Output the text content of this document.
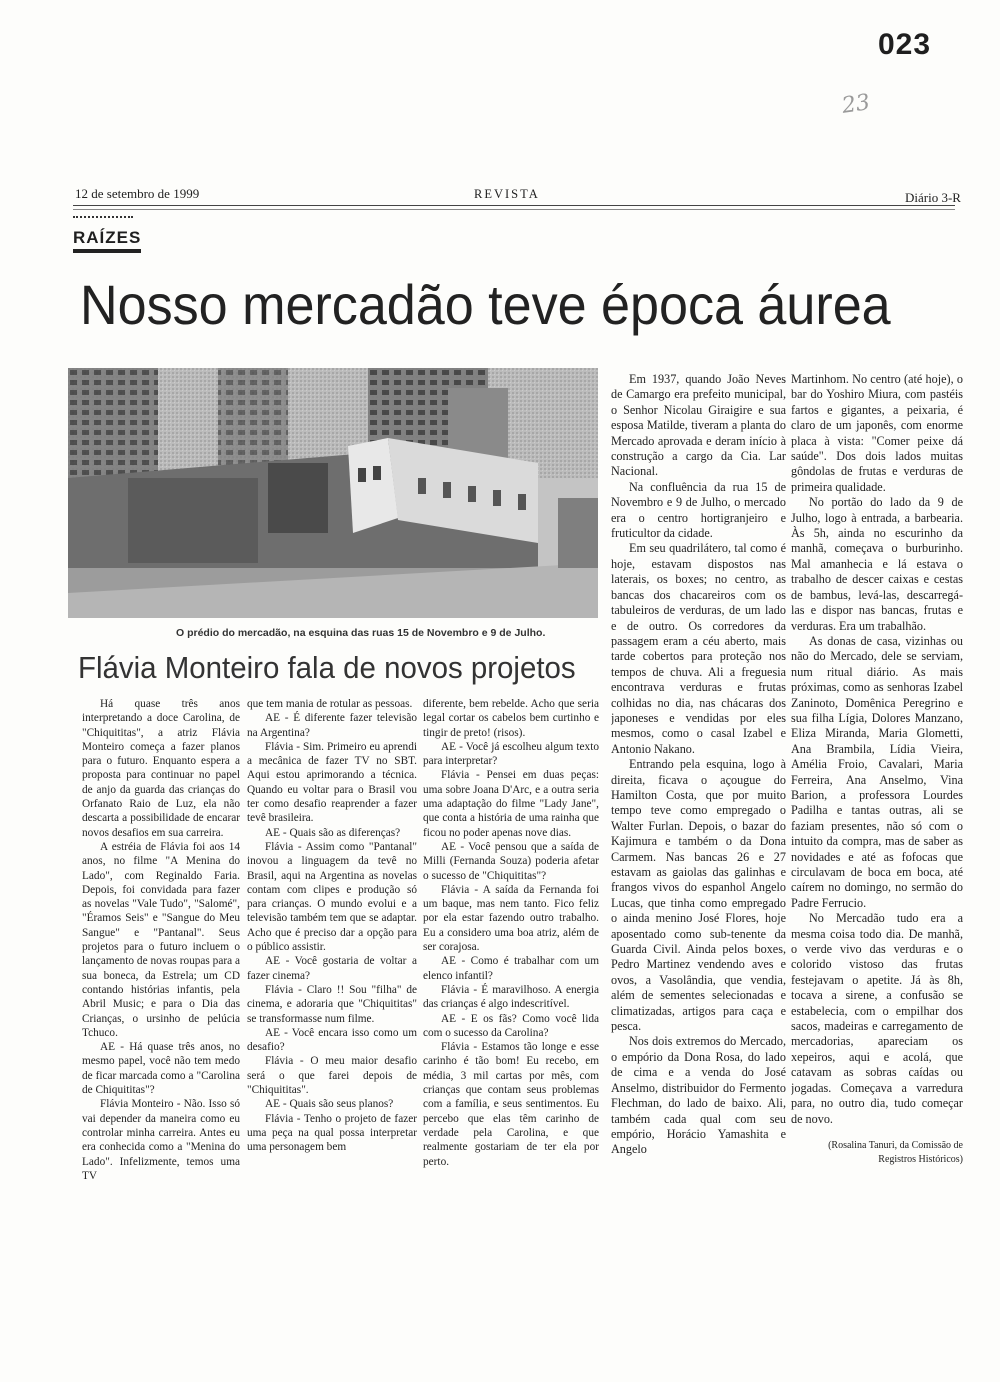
023
23
12 de setembro de 1999	REVISTA	Diário 3-R
RAÍZES
Nosso mercadão teve época áurea
O prédio do mercadão, na esquina das ruas 15 de Novembro e 9 de Julho.
Flávia Monteiro fala de novos projetos

Há quase três anos interpretando a doce Carolina, de "Chiquititas", a atriz Flávia Monteiro começa a fazer planos para o futuro. Enquanto espera a proposta para continuar no papel de anjo da guarda das crianças do Orfanato Raio de Luz, ela não descarta a possibilidade de encarar novos desafios em sua carreira.

A estréia de Flávia foi aos 14 anos, no filme "A Menina do Lado", com Reginaldo Faria. Depois, foi convidada para fazer as novelas "Vale Tudo", "Salomé", "Éramos Seis" e "Sangue do Meu Sangue" e "Pantanal". Seus projetos para o futuro incluem o lançamento de novas roupas para a sua boneca, da Estrela; um CD contando histórias infantis, pela Abril Music; e para o Dia das Crianças, o ursinho de pelúcia Tchuco.

AE - Há quase três anos, no mesmo papel, você não tem medo de ficar marcada como a "Carolina de Chiquititas"?

Flávia Monteiro - Não. Isso só vai depender da maneira como eu controlar minha carreira. Antes eu era conhecida como a "Menina do Lado". Infelizmente, temos uma TV

que tem mania de rotular as pessoas.

AE - É diferente fazer televisão na Argentina?

Flávia - Sim. Primeiro eu aprendi a mecânica de fazer TV no SBT. Aqui estou aprimorando a técnica. Quando eu voltar para o Brasil vou ter como desafio reaprender a fazer tevê brasileira.

AE - Quais são as diferenças?

Flávia - Assim como "Pantanal" inovou a linguagem da tevê no Brasil, aqui na Argentina as novelas contam com clipes e produção só para crianças. O mundo evolui e a televisão também tem que se adaptar. Acho que é preciso dar a opção para o público assistir.

AE - Você gostaria de voltar a fazer cinema?

Flávia - Claro !! Sou "filha" de cinema, e adoraria que "Chiquititas" se transformasse num filme.

AE - Você encara isso como um desafio?

Flávia - O meu maior desafio será o que farei depois de "Chiquititas".

AE - Quais são seus planos?

Flávia - Tenho o projeto de fazer uma peça na qual possa interpretar uma personagem bem

diferente, bem rebelde. Acho que seria legal cortar os cabelos bem curtinho e tingir de preto! (risos).

AE - Você já escolheu algum texto para interpretar?

Flávia - Pensei em duas peças: uma sobre Joana D'Arc, e a outra seria uma adaptação do filme "Lady Jane", que conta a história de uma rainha que ficou no poder apenas nove dias.

AE - Você pensou que a saída de Milli (Fernanda Souza) poderia afetar o sucesso de "Chiquititas"?

Flávia - A saída da Fernanda foi um baque, mas nem tanto. Fico feliz por ela estar fazendo outro trabalho. Eu a considero uma boa atriz, além de ser corajosa.

AE - Como é trabalhar com um elenco infantil?

Flávia - É maravilhoso. A energia das crianças é algo indescritível.

AE - E os fãs? Como você lida com o sucesso da Carolina?

Flávia - Estamos tão longe e esse carinho é tão bom! Eu recebo, em média, 3 mil cartas por mês, com crianças que contam seus problemas com a família, e seus sentimentos. Eu percebo que elas têm carinho de verdade pela Carolina, e que realmente gostariam de ter ela por perto.

Em 1937, quando João Neves de Camargo era prefeito municipal, o Senhor Nicolau Giraigire e sua esposa Matilde, tiveram a planta do Mercado aprovada e deram início à construção a cargo da Cia. Lar Nacional.

Na confluência da rua 15 de Novembro e 9 de Julho, o mercado era o centro hortigranjeiro e fruticultor da cidade.

Em seu quadrilátero, tal como é hoje, estavam dispostos nas laterais, os boxes; no centro, as bancas dos chacareiros com os tabuleiros de verduras, de um lado e de outro. Os corredores da passagem eram a céu aberto, mais tarde cobertos para proteção nos tempos de chuva. Ali a freguesia encontrava verduras e frutas colhidas no dia, nas chácaras dos japoneses e vendidas por eles mesmos, como o casal Izabel e Antonio Nakano.

Entrando pela esquina, logo à direita, ficava o açougue do Hamilton Costa, que por muito tempo teve como empregado o Walter Furlan. Depois, o bazar do Kajimura e também o da Dona Carmem. Nas bancas 26 e 27 estavam as gaiolas das galinhas e frangos vivos do espanhol Angelo Lucas, que tinha como empregado o ainda menino José Flores, hoje aposentado como sub-tenente da Guarda Civil. Ainda pelos boxes, Pedro Martinez vendendo aves e ovos, a Vasolândia, que vendia, além de sementes selecionadas e climatizadas, artigos para caça e pesca.

Nos dois extremos do Mercado, o empório da Dona Rosa, do lado de cima e a venda do José Anselmo, distribuidor do Fermento Flechman, do lado de baixo. Ali, também cada qual com seu empório, Horácio Yamashita e Angelo

Martinhom. No centro (até hoje), o bar do Yoshiro Miura, com pastéis fartos e gigantes, a peixaria, é claro de um japonês, com enorme placa à vista: "Comer peixe dá saúde". Dos dois lados muitas gôndolas de frutas e verduras de primeira qualidade.

No portão do lado da 9 de Julho, logo à entrada, a barbearia. Às 5h, ainda no escurinho da manhã, começava o burburinho. Mal amanhecia e lá estava o trabalho de descer caixas e cestas de bambus, levá-las, descarregá-las e dispor nas bancas, frutas e verduras. Era um trabalhão.

As donas de casa, vizinhas ou não do Mercado, dele se serviam, num ritual diário. As mais próximas, como as senhoras Izabel Zaninoto, Domênica Peregrino e sua filha Lígia, Dolores Manzano, Eliza Miranda, Maria Glometti, Ana Brambila, Lídia Vieira, Amélia Froio, Cavalari, Maria Ferreira, Ana Anselmo, Vina Barion, a professora Lourdes Padilha e tantas outras, ali se faziam presentes, não só com o intuito da compra, mas de saber as novidades e até as fofocas que circulavam de boca em boca, até caírem no domingo, no sermão do Padre Ferrucio.

No Mercadão tudo era a mesma coisa todo dia. De manhã, o verde vivo das verduras e o colorido vistoso das frutas festejavam o apetite. Já às 8h, tocava a sirene, a confusão se estabelecia, com o empilhar dos sacos, madeiras e carregamento de mercadorias, apareciam os xepeiros, aqui e acolá, que catavam as sobras caídas ou jogadas. Começava a varredura para, no outro dia, tudo começar de novo.

(Rosalina Tanuri, da Comissão de Registros Históricos)
